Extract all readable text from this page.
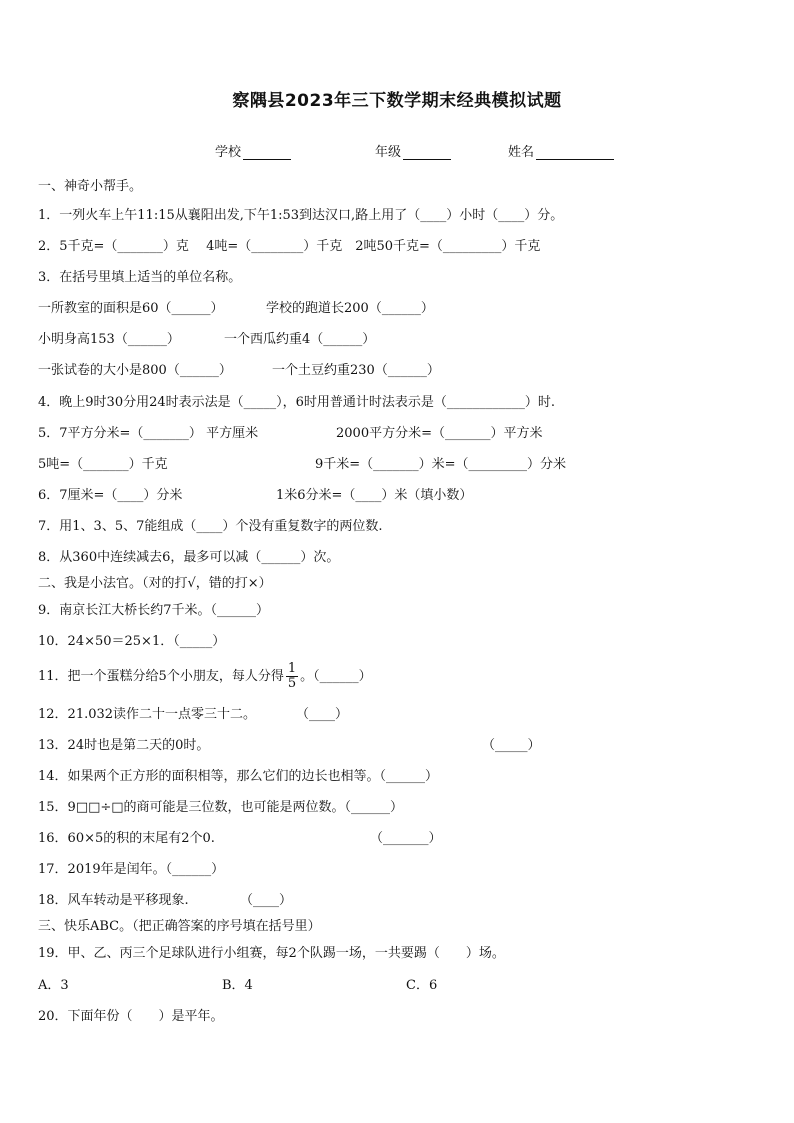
察隅县2023年三下数学期末经典模拟试题
学校	年级	姓名
一、神奇小帮手。
1．一列火车上午11:15从襄阳出发,下午1:53到达汉口,路上用了（____）小时（____）分。
2．5千克=（_______）克　 4吨=（________）千克　2吨50千克=（_________）千克
3．在括号里填上适当的单位名称。

一所教室的面积是60（______）

	学校的跑道长200（______）

小明身高153（______）

	一个西瓜约重4（______）

一张试卷的大小是800（______）

	一个土豆约重230（______）

4．晚上9时30分用24时表示法是（_____），6时用普通计时法表示是（____________）时.

5．7平方分米=（_______） 平方厘米

	2000平方分米=（_______）平方米

5吨=（_______）千克

	9千米=（_______）米=（_________）分米

6．7厘米=（____）分米

	1米6分米=（____）米（填小数）

7．用1、3、5、7能组成（____）个没有重复数字的两位数.
8．从360中连续减去6，最多可以减（______）次。
二、我是小法官。（对的打√，错的打×）
9．南京长江大桥长约7千米。（______）
10．24×50＝25×1．（_____）
11．把一个蛋糕分给5个小朋友，每人分得 $\frac{1}{5}$ 。（______）

12．21.032读作二十一点零三十二。

	（____）

13．24时也是第二天的0时。

	（_____）

14．如果两个正方形的面积相等，那么它们的边长也相等。（______）
15．9□□÷□的商可能是三位数，也可能是两位数。（______）

16．60×5的积的末尾有2个0.

	（_______）

17．2019年是闰年。（______）

18．风车转动是平移现象.

	（____）

三、快乐ABC。（把正确答案的序号填在括号里）
19．甲、乙、丙三个足球队进行小组赛，每2个队踢一场，一共要踢（　　）场。

A．3

	B．4

	C．6

20．下面年份（　　）是平年。
